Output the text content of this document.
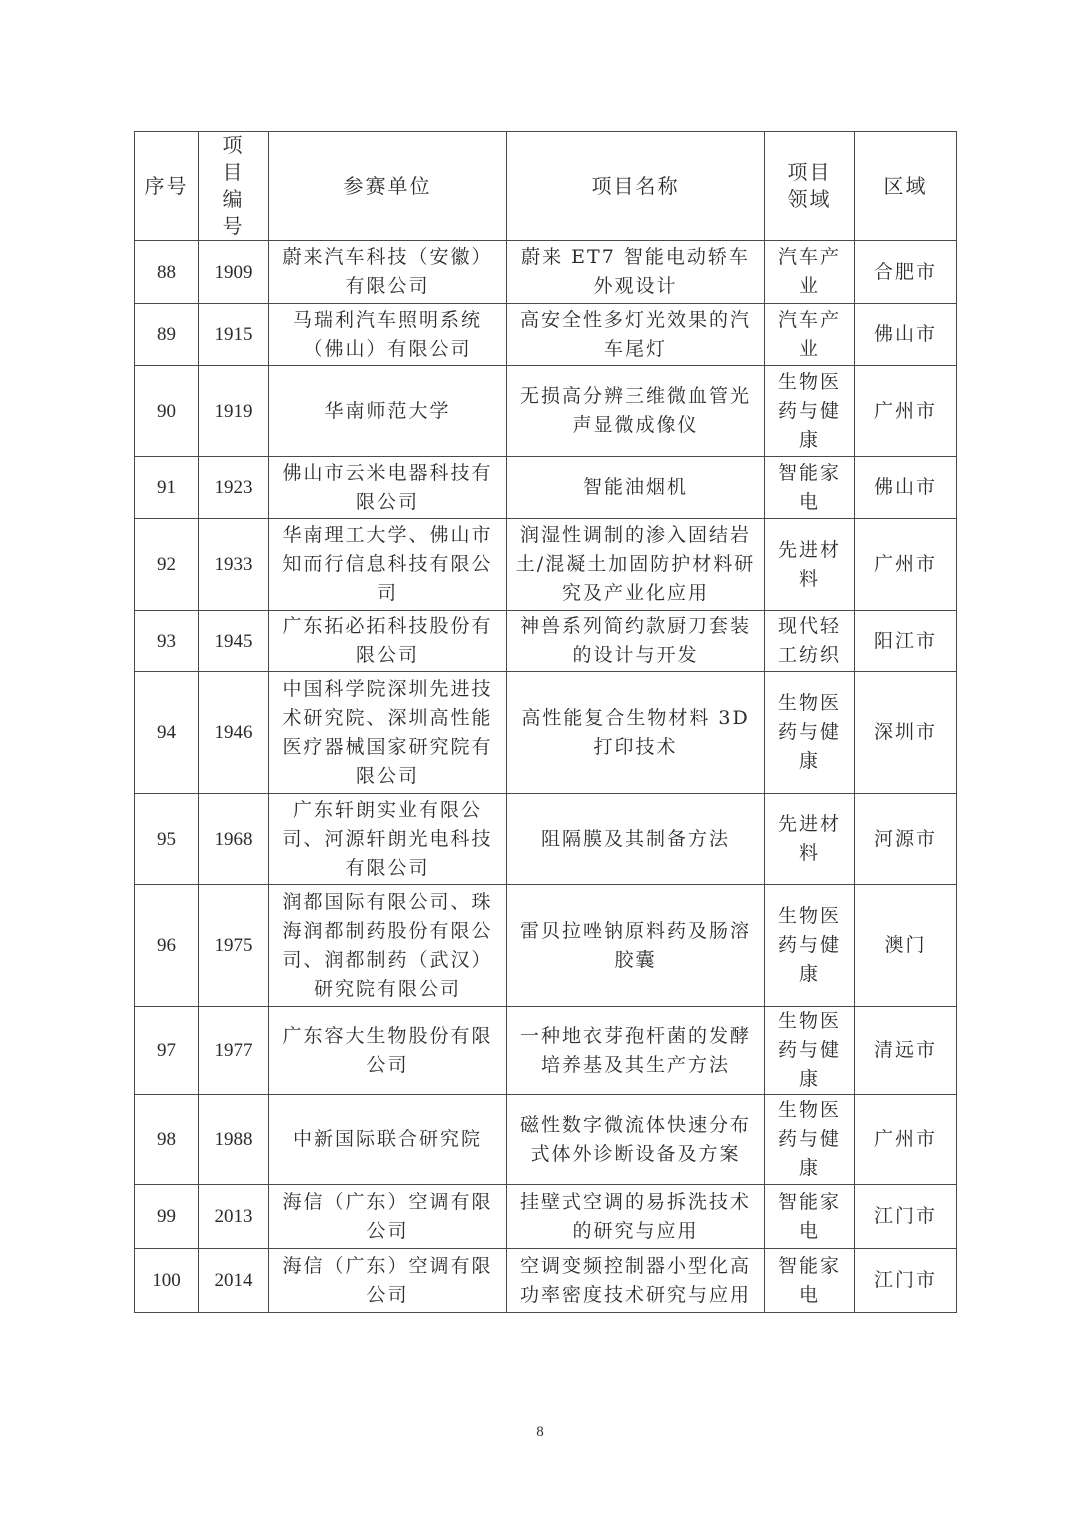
序号	项目编号	参赛单位	项目名称	项目领域	区域
88	1909	蔚来汽车科技（安徽）有限公司	蔚来 ET7 智能电动轿车外观设计	汽车产业	合肥市
89	1915	马瑞利汽车照明系统（佛山）有限公司	高安全性多灯光效果的汽车尾灯	汽车产业	佛山市
90	1919	华南师范大学	无损高分辨三维微血管光声显微成像仪	生物医药与健康	广州市
91	1923	佛山市云米电器科技有限公司	智能油烟机	智能家电	佛山市
92	1933	华南理工大学、佛山市知而行信息科技有限公司	润湿性调制的渗入固结岩土/混凝土加固防护材料研究及产业化应用	先进材料	广州市
93	1945	广东拓必拓科技股份有限公司	神兽系列简约款厨刀套装的设计与开发	现代轻工纺织	阳江市
94	1946	中国科学院深圳先进技术研究院、深圳高性能医疗器械国家研究院有限公司	高性能复合生物材料 3D 打印技术	生物医药与健康	深圳市
95	1968	广东轩朗实业有限公司、河源轩朗光电科技有限公司	阻隔膜及其制备方法	先进材料	河源市
96	1975	润都国际有限公司、珠海润都制药股份有限公司、润都制药（武汉）研究院有限公司	雷贝拉唑钠原料药及肠溶胶囊	生物医药与健康	澳门
97	1977	广东容大生物股份有限公司	一种地衣芽孢杆菌的发酵培养基及其生产方法	生物医药与健康	清远市
98	1988	中新国际联合研究院	磁性数字微流体快速分布式体外诊断设备及方案	生物医药与健康	广州市
99	2013	海信（广东）空调有限公司	挂壁式空调的易拆洗技术的研究与应用	智能家电	江门市
100	2014	海信（广东）空调有限公司	空调变频控制器小型化高功率密度技术研究与应用	智能家电	江门市
8
